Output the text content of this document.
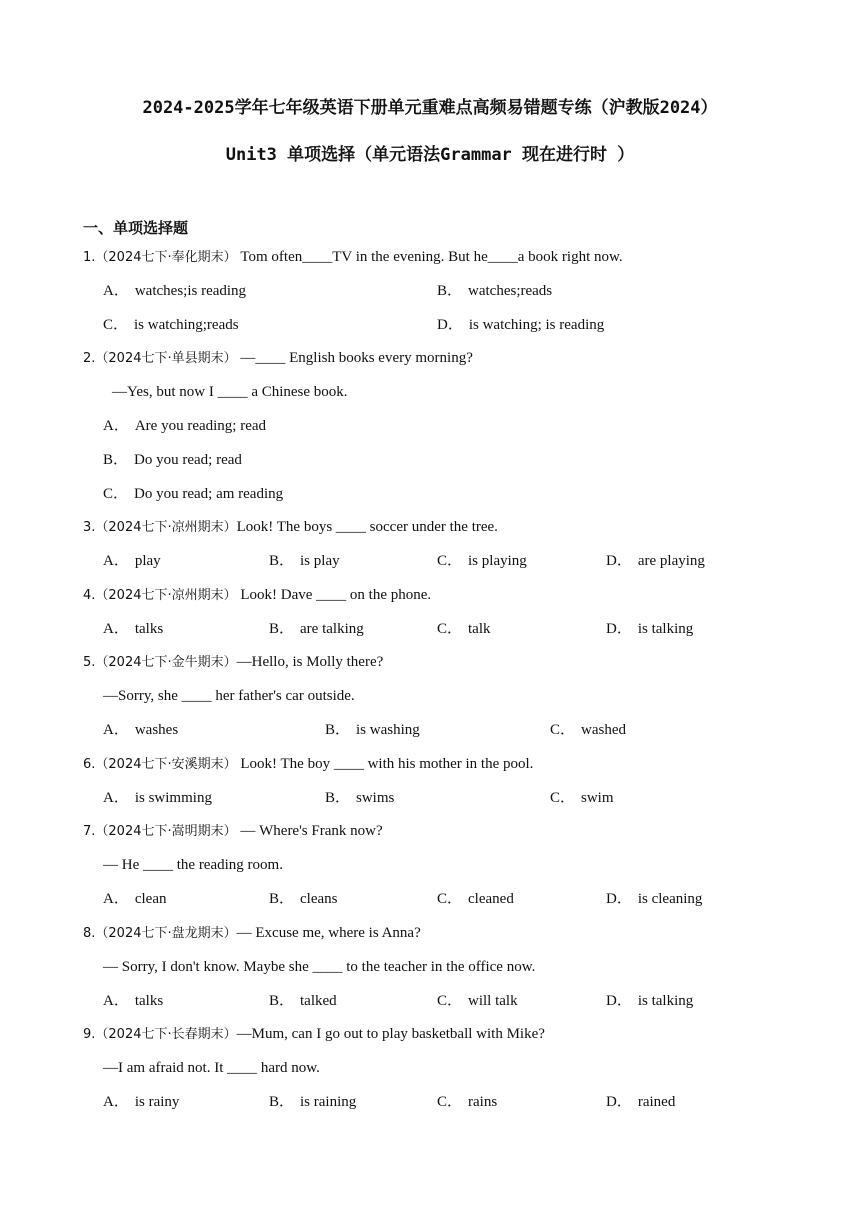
2024-2025学年七年级英语下册单元重难点高频易错题专练（沪教版2024）
Unit3 单项选择（单元语法Grammar 现在进行时 ）
一、单项选择题
1.（2024七下·奉化期末） Tom often____TV in the evening. But he____a book right now.
A． watches;is reading	B． watches;reads
C． is watching;reads	D． is watching; is reading
2.（2024七下·单县期末） —____ English books every morning?
—Yes, but now I ____ a Chinese book.
A． Are you reading; read
B． Do you read; read
C． Do you read; am reading
3.（2024七下·凉州期末）Look! The boys ____ soccer under the tree.
A． play	B． is play	C． is playing	D． are playing
4.（2024七下·凉州期末） Look! Dave ____ on the phone.
A． talks	B． are talking	C． talk	D． is talking
5.（2024七下·金牛期末）—Hello, is Molly there?
—Sorry, she ____ her father's car outside.
A． washes	B． is washing	C． washed
6.（2024七下·安溪期末） Look! The boy ____ with his mother in the pool.
A． is swimming	B． swims	C． swim
7.（2024七下·嵩明期末） — Where's Frank now?
— He ____ the reading room.
A． clean	B． cleans	C． cleaned	D． is cleaning
8.（2024七下·盘龙期末）— Excuse me, where is Anna?
— Sorry, I don't know. Maybe she ____ to the teacher in the office now.
A． talks	B． talked	C． will talk	D． is talking
9.（2024七下·长春期末）—Mum, can I go out to play basketball with Mike?
—I am afraid not. It ____ hard now.
A． is rainy	B． is raining	C． rains	D． rained
